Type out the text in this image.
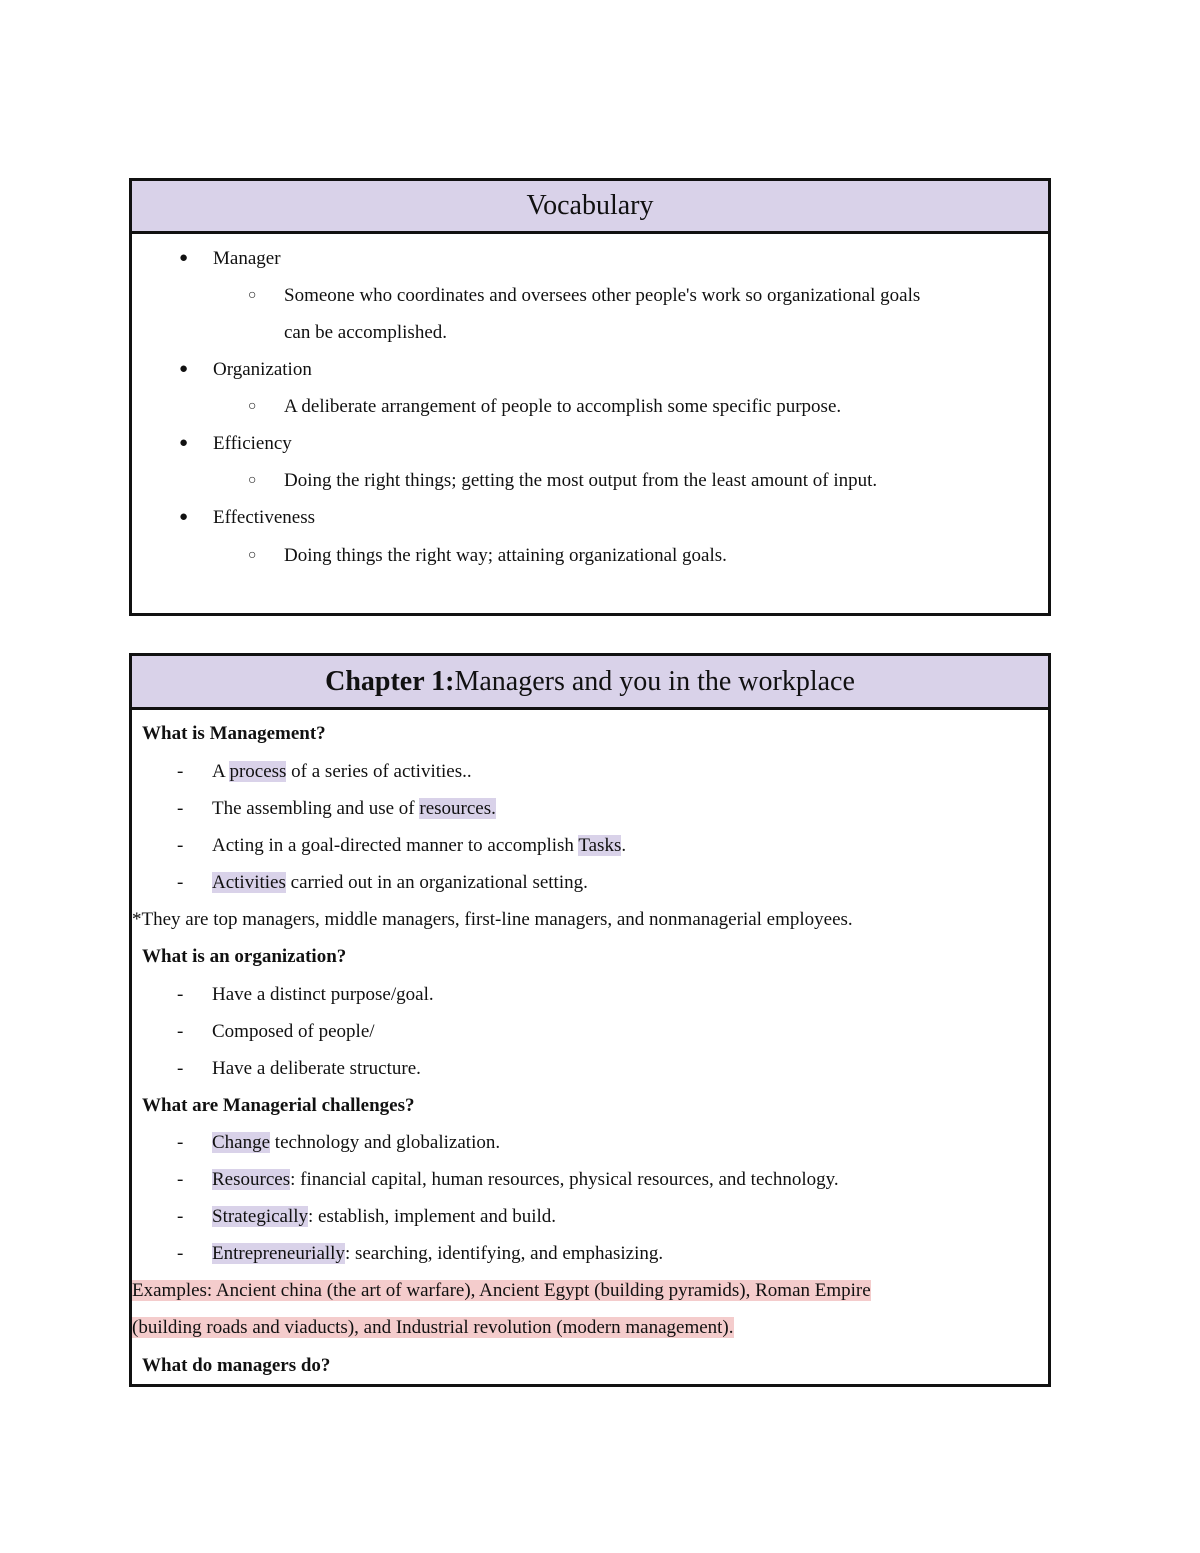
Vocabulary
● Manager
○ Someone who coordinates and oversees other people's work so organizational goals
can be accomplished.
● Organization
○ A deliberate arrangement of people to accomplish some specific purpose.
● Efficiency
○ Doing the right things; getting the most output from the least amount of input.
● Effectiveness
○ Doing things the right way; attaining organizational goals.
Chapter 1:Managers and you in the workplace
What is Management?
- A process of a series of activities..
- The assembling and use of resources.
- Acting in a goal-directed manner to accomplish Tasks.
- Activities carried out in an organizational setting.
*They are top managers, middle managers, first-line managers, and nonmanagerial employees.
What is an organization?
- Have a distinct purpose/goal.
- Composed of people/
- Have a deliberate structure.
What are Managerial challenges?
- Change technology and globalization.
- Resources: financial capital, human resources, physical resources, and technology.
- Strategically: establish, implement and build.
- Entrepreneurially: searching, identifying, and emphasizing.
Examples: Ancient china (the art of warfare), Ancient Egypt (building pyramids), Roman Empire
(building roads and viaducts), and Industrial revolution (modern management).
What do managers do?
